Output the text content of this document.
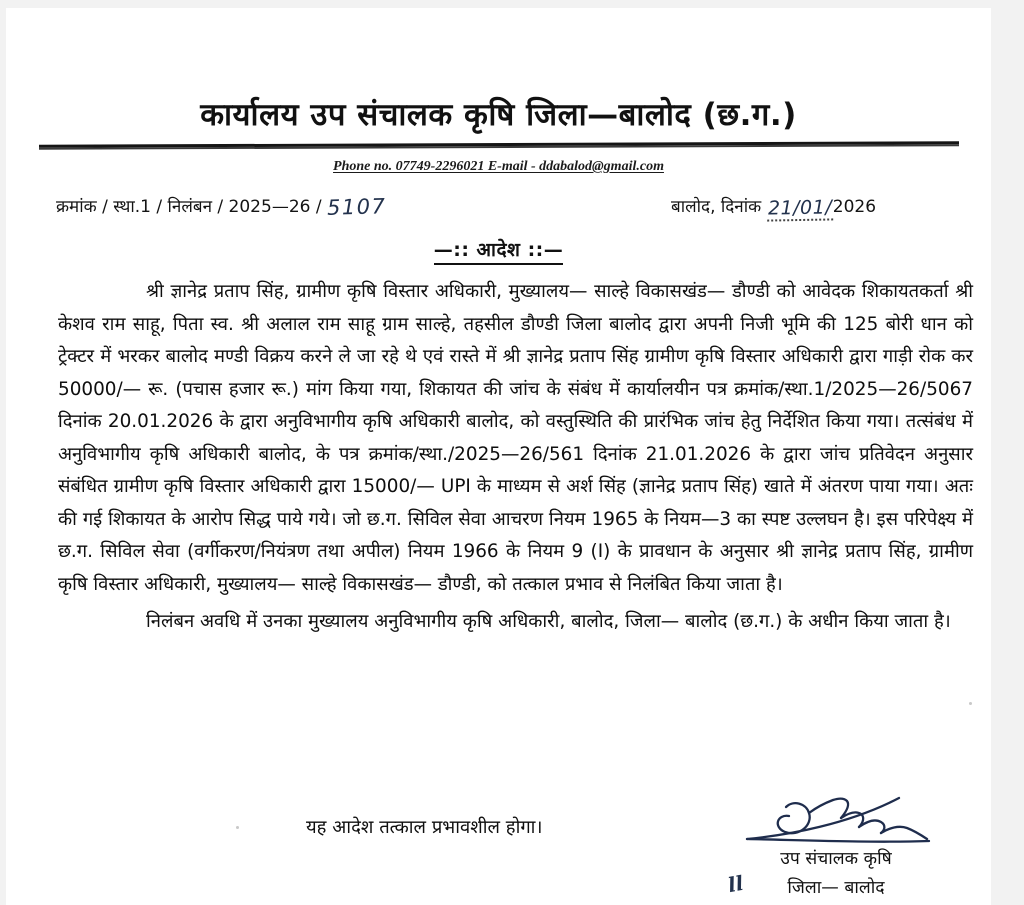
कार्यालय उप संचालक कृषि जिला—बालोद (छ.ग.)
Phone no. 07749-2296021 E-mail - ddabalod@gmail.com
क्रमांक / स्था.1 / निलंबन / 2025—26 / 5107	बालोद, दिनांक 21/01/2026
—:: आदेश ::—

श्री ज्ञानेद्र प्रताप सिंह, ग्रामीण कृषि विस्तार अधिकारी, मुख्यालय— साल्हे विकासखंड— डौण्डी को आवेदक शिकायतकर्ता श्री केशव राम साहू, पिता स्व. श्री अलाल राम साहू ग्राम साल्हे, तहसील डौण्डी जिला बालोद द्वारा अपनी निजी भूमि की 125 बोरी धान को ट्रेक्टर में भरकर बालोद मण्डी विक्रय करने ले जा रहे थे एवं रास्ते में श्री ज्ञानेद्र प्रताप सिंह ग्रामीण कृषि विस्तार अधिकारी द्वारा गाड़ी रोक कर 50000/— रू. (पचास हजार रू.) मांग किया गया, शिकायत की जांच के संबंध में कार्यालयीन पत्र क्रमांक/स्था.1/2025—26/5067 दिनांक 20.01.2026 के द्वारा अनुविभागीय कृषि अधिकारी बालोद, को वस्तुस्थिति की प्रारंभिक जांच हेतु निर्देशित किया गया। तत्संबंध में अनुविभागीय कृषि अधिकारी बालोद, के पत्र क्रमांक/स्था./2025—26/561 दिनांक 21.01.2026 के द्वारा जांच प्रतिवेदन अनुसार संबंधित ग्रामीण कृषि विस्तार अधिकारी द्वारा 15000/— UPI के माध्यम से अर्श सिंह (ज्ञानेद्र प्रताप सिंह) खाते में अंतरण पाया गया। अतः की गई शिकायत के आरोप सिद्ध पाये गये। जो छ.ग. सिविल सेवा आचरण नियम 1965 के नियम—3 का स्पष्ट उल्लघन है। इस परिपेक्ष्य में छ.ग. सिविल सेवा (वर्गीकरण/नियंत्रण तथा अपील) नियम 1966 के नियम 9 (I) के प्रावधान के अनुसार श्री ज्ञानेद्र प्रताप सिंह, ग्रामीण कृषि विस्तार अधिकारी, मुख्यालय— साल्हे विकासखंड— डौण्डी, को तत्काल प्रभाव से निलंबित किया जाता है।

निलंबन अवधि में उनका मुख्यालय अनुविभागीय कृषि अधिकारी, बालोद, जिला— बालोद (छ.ग.) के अधीन किया जाता है।

यह आदेश तत्काल प्रभावशील होगा।
उप संचालक कृषि
ll जिला— बालोद
